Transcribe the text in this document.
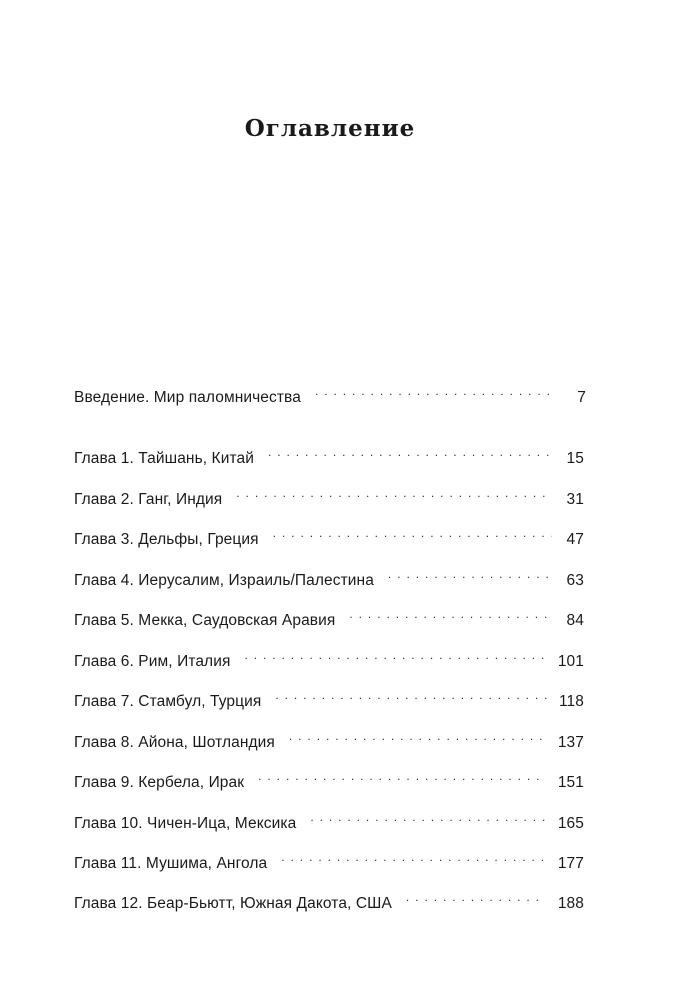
Оглавление
Введение. Мир паломничества . . .	7
Глава 1. Тайшань, Китай . . .	15
Глава 2. Ганг, Индия . . .	31
Глава 3. Дельфы, Греция . . .	47
Глава 4. Иерусалим, Израиль/Палестина . . .	63
Глава 5. Мекка, Саудовская Аравия . . .	84
Глава 6. Рим, Италия . . .	101
Глава 7. Стамбул, Турция . . .	118
Глава 8. Айона, Шотландия . . .	137
Глава 9. Кербела, Ирак . . .	151
Глава 10. Чичен-Ица, Мексика . . .	165
Глава 11. Мушима, Ангола . . .	177
Глава 12. Беар-Бьютт, Южная Дакота, США . . .	188
